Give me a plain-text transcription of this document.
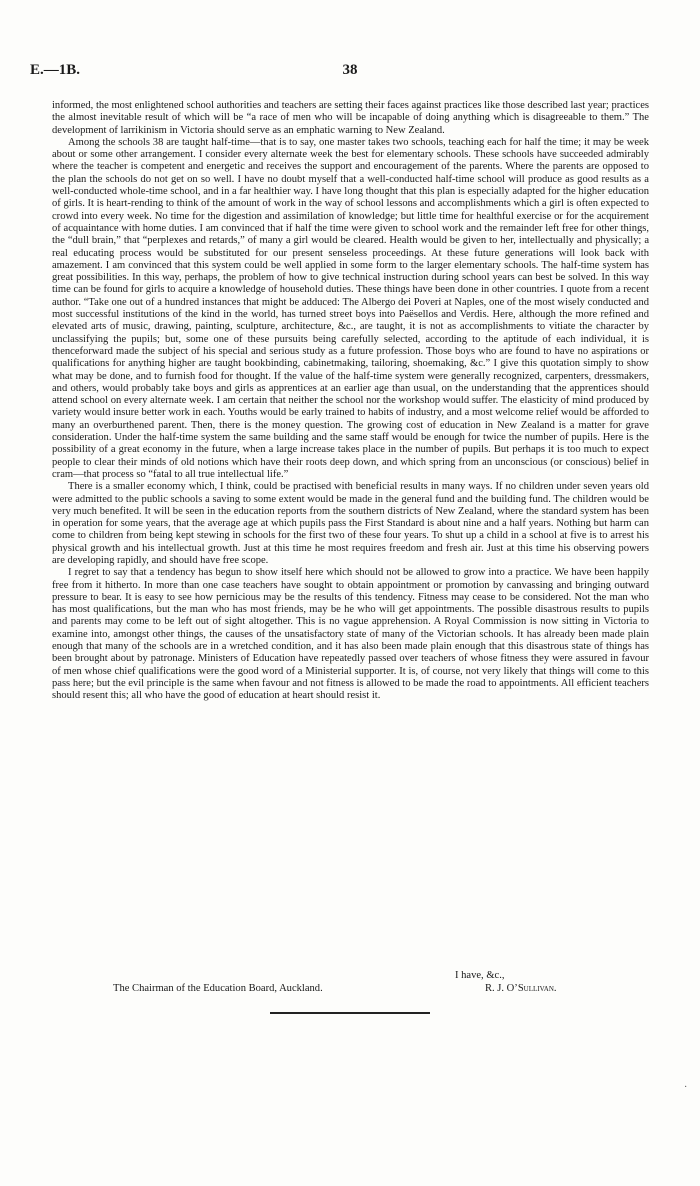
E.—1B.	38

informed, the most enlightened school authorities and teachers are setting their faces against practices like those described last year; practices the almost inevitable result of which will be “a race of men who will be incapable of doing anything which is disagreeable to them.” The development of larrikinism in Victoria should serve as an emphatic warning to New Zealand.

Among the schools 38 are taught half-time—that is to say, one master takes two schools, teaching each for half the time; it may be week about or some other arrangement. I consider every alternate week the best for elementary schools. These schools have succeeded admirably where the teacher is competent and energetic and receives the support and encouragement of the parents. Where the parents are opposed to the plan the schools do not get on so well. I have no doubt myself that a well-conducted half-time school will produce as good results as a well-conducted whole-time school, and in a far healthier way. I have long thought that this plan is especially adapted for the higher education of girls. It is heart-rending to think of the amount of work in the way of school lessons and accomplishments which a girl is often expected to crowd into every week. No time for the digestion and assimilation of knowledge; but little time for healthful exercise or for the acquirement of acquaintance with home duties. I am convinced that if half the time were given to school work and the remainder left free for other things, the “dull brain,” that “perplexes and retards,” of many a girl would be cleared. Health would be given to her, intellectually and physically; a real educating process would be substituted for our present senseless proceedings. At these future generations will look back with amazement. I am convinced that this system could be well applied in some form to the larger elementary schools. The half-time system has great possibilities. In this way, perhaps, the problem of how to give technical instruction during school years can best be solved. In this way time can be found for girls to acquire a knowledge of household duties. These things have been done in other countries. I quote from a recent author. “Take one out of a hundred instances that might be adduced: The Albergo dei Poveri at Naples, one of the most wisely conducted and most successful institutions of the kind in the world, has turned street boys into Paësellos and Verdis. Here, although the more refined and elevated arts of music, drawing, painting, sculpture, architecture, &c., are taught, it is not as accomplishments to vitiate the character by unclassifying the pupils; but, some one of these pursuits being carefully selected, according to the aptitude of each individual, it is thenceforward made the subject of his special and serious study as a future profession. Those boys who are found to have no aspirations or qualifications for anything higher are taught bookbinding, cabinetmaking, tailoring, shoemaking, &c.” I give this quotation simply to show what may be done, and to furnish food for thought. If the value of the half-time system were generally recognized, carpenters, dressmakers, and others, would probably take boys and girls as apprentices at an earlier age than usual, on the understanding that the apprentices should attend school on every alternate week. I am certain that neither the school nor the workshop would suffer. The elasticity of mind produced by variety would insure better work in each. Youths would be early trained to habits of industry, and a most welcome relief would be afforded to many an overburthened parent. Then, there is the money question. The growing cost of education in New Zealand is a matter for grave consideration. Under the half-time system the same building and the same staff would be enough for twice the number of pupils. Here is the possibility of a great economy in the future, when a large increase takes place in the number of pupils. But perhaps it is too much to expect people to clear their minds of old notions which have their roots deep down, and which spring from an unconscious (or conscious) belief in cram—that process so “fatal to all true intellectual life.”

There is a smaller economy which, I think, could be practised with beneficial results in many ways. If no children under seven years old were admitted to the public schools a saving to some extent would be made in the general fund and the building fund. The children would be very much benefited. It will be seen in the education reports from the southern districts of New Zealand, where the standard system has been in operation for some years, that the average age at which pupils pass the First Standard is about nine and a half years. Nothing but harm can come to children from being kept stewing in schools for the first two of these four years. To shut up a child in a school at five is to arrest his physical growth and his intellectual growth. Just at this time he most requires freedom and fresh air. Just at this time his observing powers are developing rapidly, and should have free scope.

I regret to say that a tendency has begun to show itself here which should not be allowed to grow into a practice. We have been happily free from it hitherto. In more than one case teachers have sought to obtain appointment or promotion by canvassing and bringing outward pressure to bear. It is easy to see how pernicious may be the results of this tendency. Fitness may cease to be considered. Not the man who has most qualifications, but the man who has most friends, may be he who will get appointments. The possible disastrous results to pupils and parents may come to be left out of sight altogether. This is no vague apprehension. A Royal Commission is now sitting in Victoria to examine into, amongst other things, the causes of the unsatisfactory state of many of the Victorian schools. It has already been made plain enough that many of the schools are in a wretched condition, and it has also been made plain enough that this disastrous state of things has been brought about by patronage. Ministers of Education have repeatedly passed over teachers of whose fitness they were assured in favour of men whose chief qualifications were the good word of a Ministerial supporter. It is, of course, not very likely that things will come to this pass here; but the evil principle is the same when favour and not fitness is allowed to be made the road to appointments. All efficient teachers should resent this; all who have the good of education at heart should resist it.

I have, &c.,
The Chairman of the Education Board, Auckland.	R. J. O’Sullivan.
·
